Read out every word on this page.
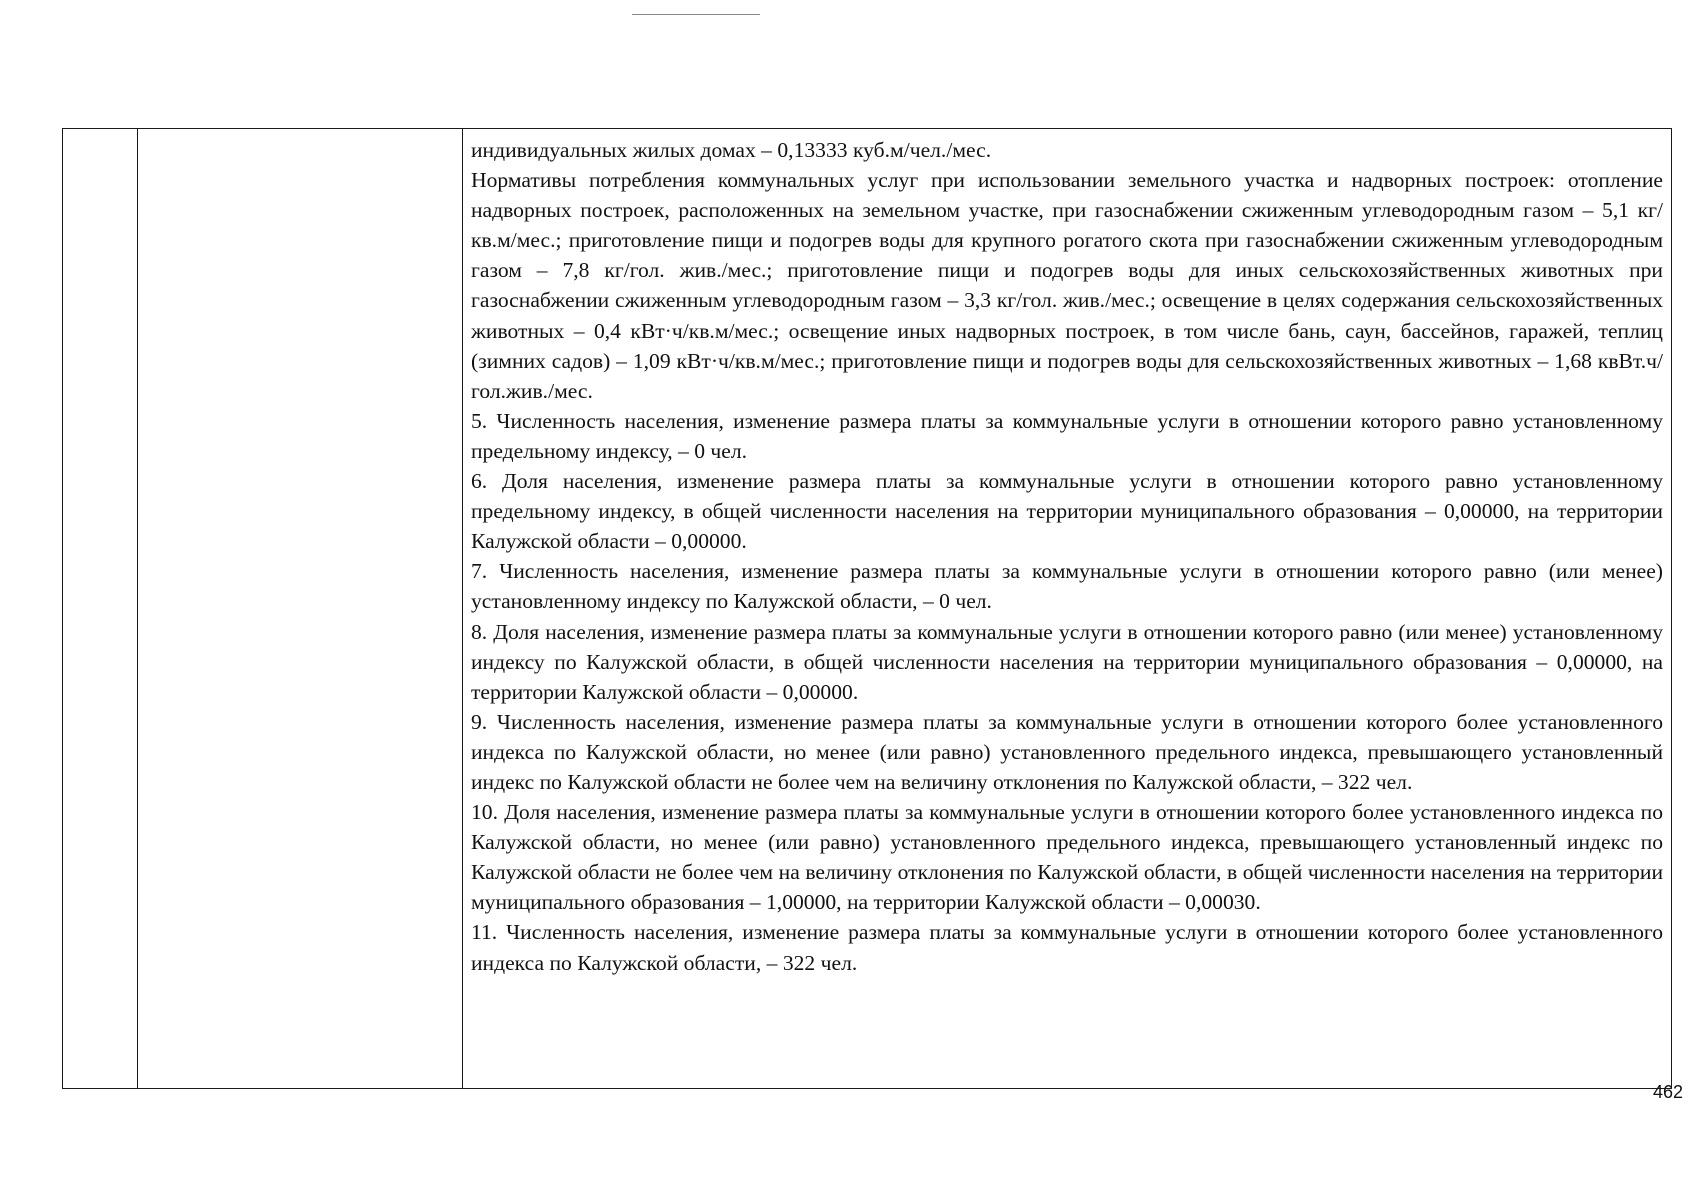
индивидуальных жилых домах – 0,13333 куб.м/чел./мес.

Нормативы потребления коммунальных услуг при использовании земельного участка и надворных построек: отопление надворных построек, расположенных на земельном участке, при газоснабжении сжиженным углеводородным газом – 5,1 кг/кв.м/мес.; приготовление пищи и подогрев воды для крупного рогатого скота при газоснабжении сжиженным углеводородным газом – 7,8 кг/гол. жив./мес.; приготовление пищи и подогрев воды для иных сельскохозяйственных животных при газоснабжении сжиженным углеводородным газом – 3,3 кг/гол. жив./мес.; освещение в целях содержания сельскохозяйственных животных – 0,4 кВт·ч/кв.м/мес.; освещение иных надворных построек, в том числе бань, саун, бассейнов, гаражей, теплиц (зимних садов) – 1,09 кВт·ч/кв.м/мес.; приготовление пищи и подогрев воды для сельскохозяйственных животных – 1,68 квВт.ч/гол.жив./мес.

5. Численность населения, изменение размера платы за коммунальные услуги в отношении которого равно установленному предельному индексу, – 0 чел.

6. Доля населения, изменение размера платы за коммунальные услуги в отношении которого равно установленному предельному индексу, в общей численности населения на территории муниципального образования – 0,00000, на территории Калужской области – 0,00000.

7. Численность населения, изменение размера платы за коммунальные услуги в отношении которого равно (или менее) установленному индексу по Калужской области, – 0 чел.

8. Доля населения, изменение размера платы за коммунальные услуги в отношении которого равно (или менее) установленному индексу по Калужской области, в общей численности населения на территории муниципального образования – 0,00000, на территории Калужской области – 0,00000.

9. Численность населения, изменение размера платы за коммунальные услуги в отношении которого более установленного индекса по Калужской области, но менее (или равно) установленного предельного индекса, превышающего установленный индекс по Калужской области не более чем на величину отклонения по Калужской области, – 322 чел.

10. Доля населения, изменение размера платы за коммунальные услуги в отношении которого более установленного индекса по Калужской области, но менее (или равно) установленного предельного индекса, превышающего установленный индекс по Калужской области не более чем на величину отклонения по Калужской области, в общей численности населения на территории муниципального образования – 1,00000, на территории Калужской области – 0,00030.

11. Численность населения, изменение размера платы за коммунальные услуги в отношении которого более установленного индекса по Калужской области, – 322 чел.

462
